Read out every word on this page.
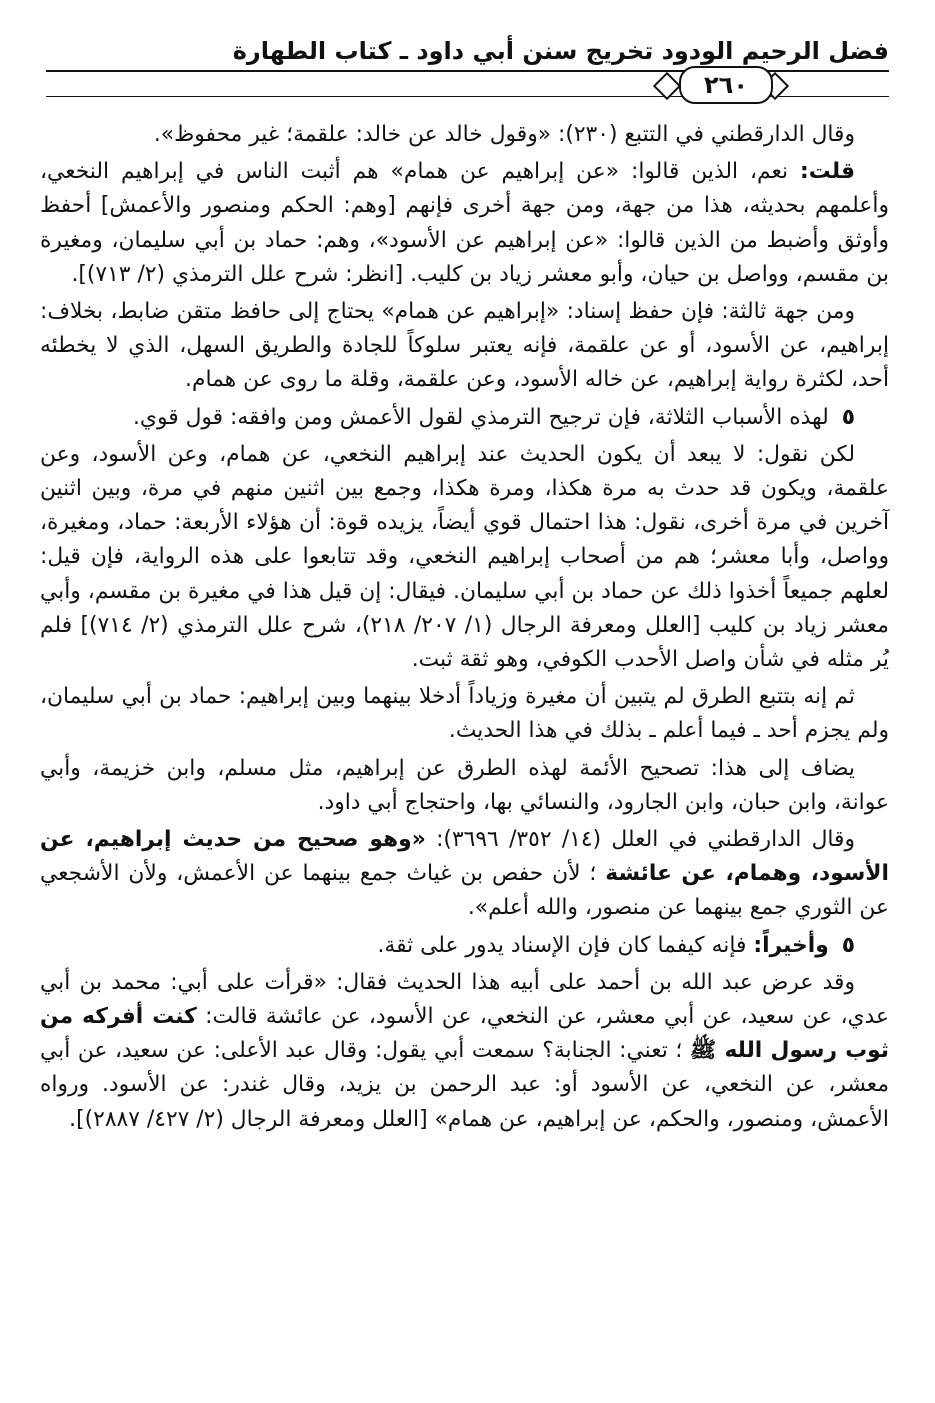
فضل الرحيم الودود تخريج سنن أبي داود ـ كتاب الطهارة
٢٦٠

وقال الدارقطني في التتبع (٢٣٠): «وقول خالد عن خالد: علقمة؛ غير محفوظ».

قلت: نعم، الذين قالوا: «عن إبراهيم عن همام» هم أثبت الناس في إبراهيم النخعي، وأعلمهم بحديثه، هذا من جهة، ومن جهة أخرى فإنهم [وهم: الحكم ومنصور والأعمش] أحفظ وأوثق وأضبط من الذين قالوا: «عن إبراهيم عن الأسود»، وهم: حماد بن أبي سليمان، ومغيرة بن مقسم، وواصل بن حيان، وأبو معشر زياد بن كليب. [انظر: شرح علل الترمذي (٢/ ٧١٣)].

ومن جهة ثالثة: فإن حفظ إسناد: «إبراهيم عن همام» يحتاج إلى حافظ متقن ضابط، بخلاف: إبراهيم، عن الأسود، أو عن علقمة، فإنه يعتبر سلوكاً للجادة والطريق السهل، الذي لا يخطئه أحد، لكثرة رواية إبراهيم، عن خاله الأسود، وعن علقمة، وقلة ما روى عن همام.

٥ لهذه الأسباب الثلاثة، فإن ترجيح الترمذي لقول الأعمش ومن وافقه: قول قوي.

لكن نقول: لا يبعد أن يكون الحديث عند إبراهيم النخعي، عن همام، وعن الأسود، وعن علقمة، ويكون قد حدث به مرة هكذا، ومرة هكذا، وجمع بين اثنين منهم في مرة، وبين اثنين آخرين في مرة أخرى، نقول: هذا احتمال قوي أيضاً، يزيده قوة: أن هؤلاء الأربعة: حماد، ومغيرة، وواصل، وأبا معشر؛ هم من أصحاب إبراهيم النخعي، وقد تتابعوا على هذه الرواية، فإن قيل: لعلهم جميعاً أخذوا ذلك عن حماد بن أبي سليمان. فيقال: إن قيل هذا في مغيرة بن مقسم، وأبي معشر زياد بن كليب [العلل ومعرفة الرجال (١/ ٢٠٧/ ٢١٨)، شرح علل الترمذي (٢/ ٧١٤)] فلم يُر مثله في شأن واصل الأحدب الكوفي، وهو ثقة ثبت.

ثم إنه بتتبع الطرق لم يتبين أن مغيرة وزياداً أدخلا بينهما وبين إبراهيم: حماد بن أبي سليمان، ولم يجزم أحد ـ فيما أعلم ـ بذلك في هذا الحديث.

يضاف إلى هذا: تصحيح الأئمة لهذه الطرق عن إبراهيم، مثل مسلم، وابن خزيمة، وأبي عوانة، وابن حبان، وابن الجارود، والنسائي بها، واحتجاج أبي داود.

وقال الدارقطني في العلل (١٤/ ٣٥٢/ ٣٦٩٦): «وهو صحيح من حديث إبراهيم، عن الأسود، وهمام، عن عائشة ؛ لأن حفص بن غياث جمع بينهما عن الأعمش، ولأن الأشجعي عن الثوري جمع بينهما عن منصور، والله أعلم».

٥ وأخيراً: فإنه كيفما كان فإن الإسناد يدور على ثقة.

وقد عرض عبد الله بن أحمد على أبيه هذا الحديث فقال: «قرأت على أبي: محمد بن أبي عدي، عن سعيد، عن أبي معشر، عن النخعي، عن الأسود، عن عائشة قالت: كنت أفركه من ثوب رسول الله ﷺ ؛ تعني: الجنابة؟ سمعت أبي يقول: وقال عبد الأعلى: عن سعيد، عن أبي معشر، عن النخعي، عن الأسود أو: عبد الرحمن بن يزيد، وقال غندر: عن الأسود. ورواه الأعمش، ومنصور، والحكم، عن إبراهيم، عن همام» [العلل ومعرفة الرجال (٢/ ٤٢٧/ ٢٨٨٧)].
